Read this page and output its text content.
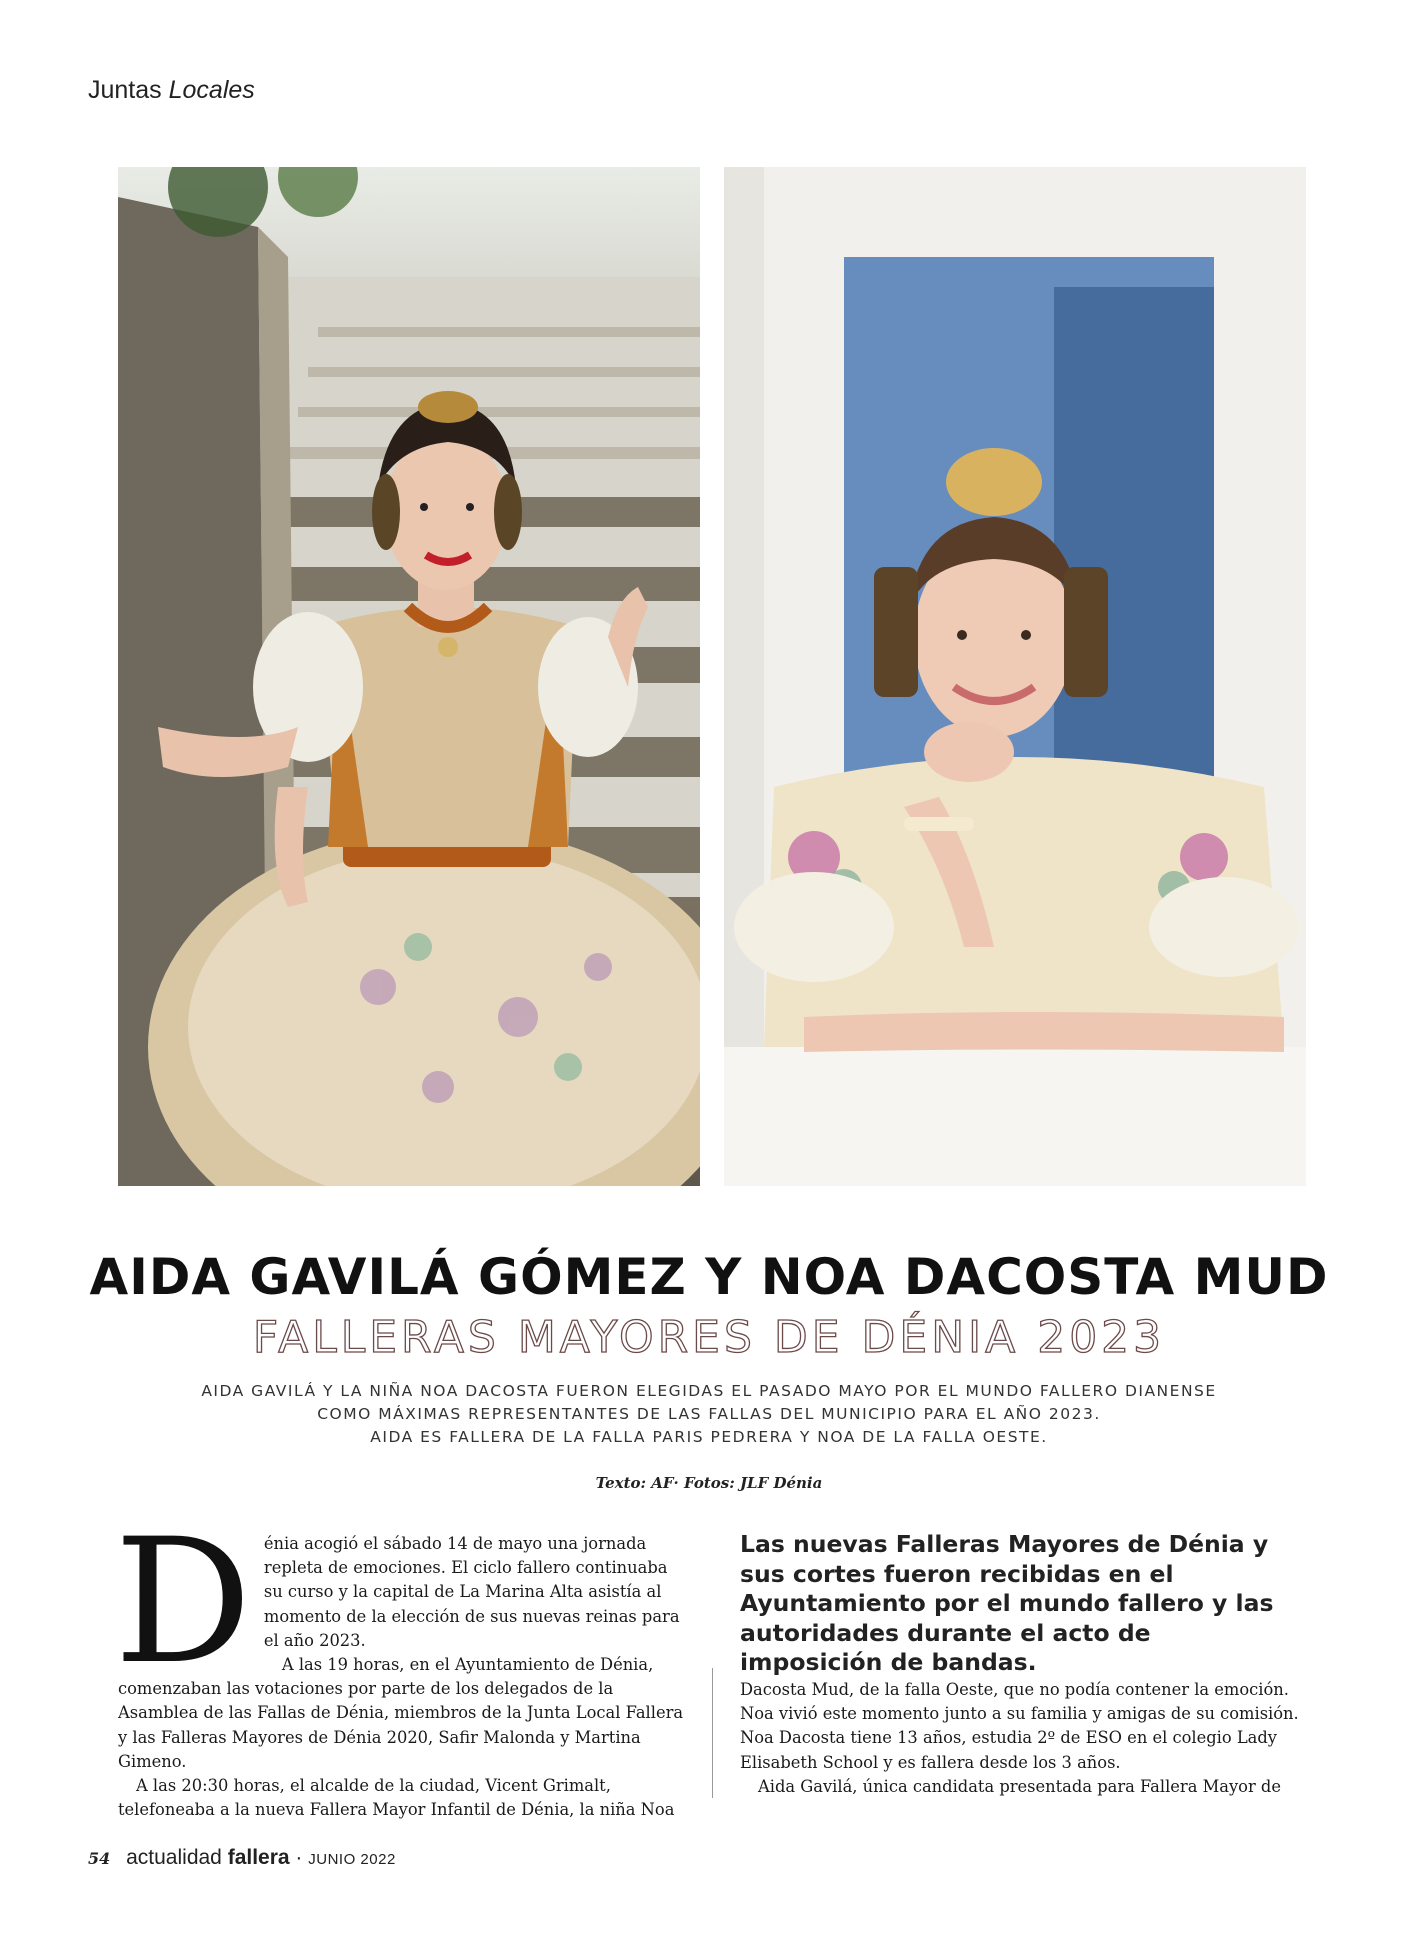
Juntas Locales
AIDA GAVILÁ GÓMEZ Y NOA DACOSTA MUD
FALLERAS MAYORES DE DÉNIA 2023
AIDA GAVILÁ Y LA NIÑA NOA DACOSTA FUERON ELEGIDAS EL PASADO MAYO POR EL MUNDO FALLERO DIANENSE
COMO MÁXIMAS REPRESENTANTES DE LAS FALLAS DEL MUNICIPIO PARA EL AÑO 2023.
AIDA ES FALLERA DE LA FALLA PARIS PEDRERA Y NOA DE LA FALLA OESTE.
Texto: AF· Fotos: JLF Dénia
D énia acogió el sábado 14 de mayo una jornada repleta de emociones. El ciclo fallero continuaba su curso y la capital de La Marina Alta asistía al momento de la elección de sus nuevas reinas para el año 2023.

A las 19 horas, en el Ayuntamiento de Dénia, comenzaban las votaciones por parte de los delegados de la Asamblea de las Fallas de Dénia, miembros de la Junta Local Fallera y las Falleras Mayores de Dénia 2020, Safir Malonda y Martina Gimeno.

A las 20:30 horas, el alcalde de la ciudad, Vicent Grimalt, telefoneaba a la nueva Fallera Mayor Infantil de Dénia, la niña Noa

Las nuevas Falleras Mayores de Dénia y sus cortes fueron recibidas en el Ayuntamiento por el mundo fallero y las autoridades durante el acto de imposición de bandas.

Dacosta Mud, de la falla Oeste, que no podía contener la emoción. Noa vivió este momento junto a su familia y amigas de su comisión. Noa Dacosta tiene 13 años, estudia 2º de ESO en el colegio Lady Elisabeth School y es fallera desde los 3 años.

Aida Gavilá, única candidata presentada para Fallera Mayor de

54 actualidad fallera · JUNIO 2022
